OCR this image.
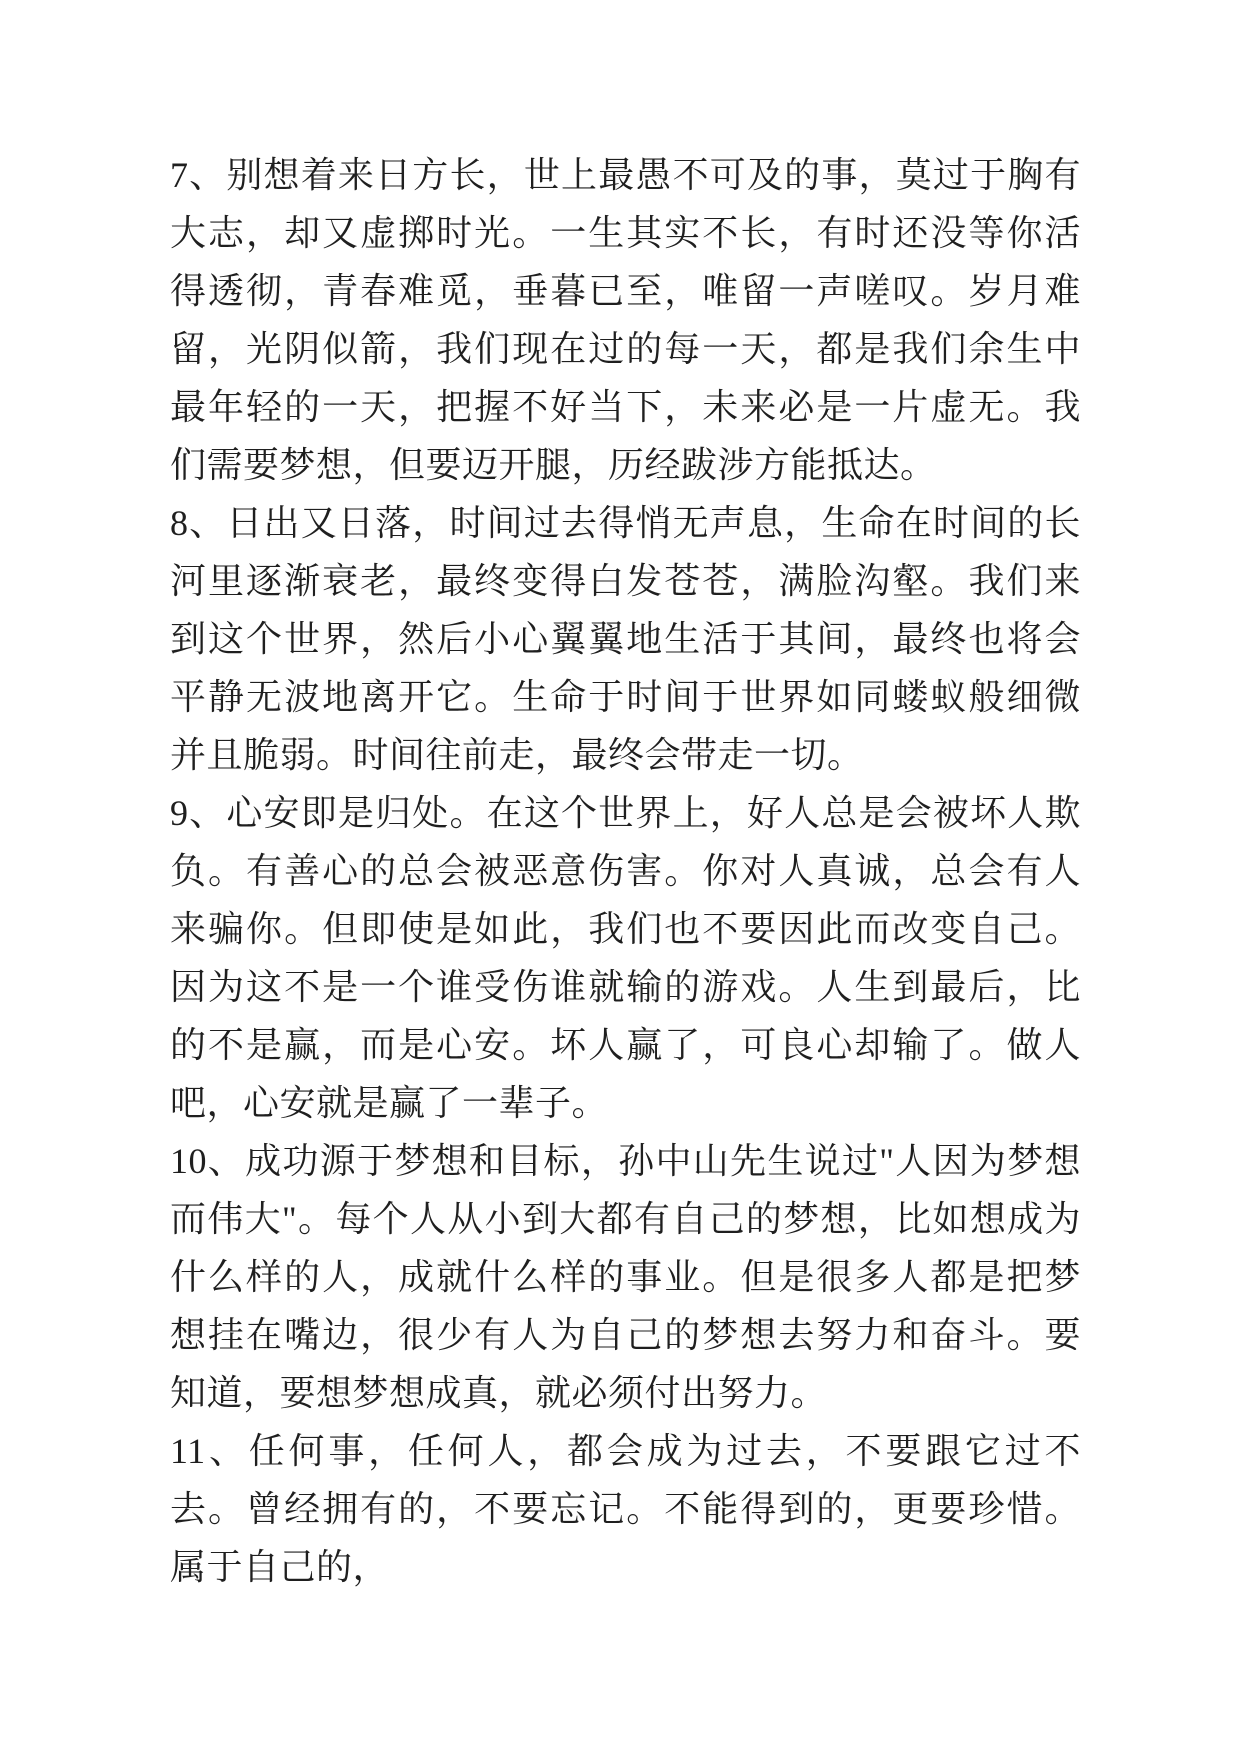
7、别想着来日方长，世上最愚不可及的事，莫过于胸有大志，却又虚掷时光。一生其实不长，有时还没等你活得透彻，青春难觅，垂暮已至，唯留一声嗟叹。岁月难留，光阴似箭，我们现在过的每一天，都是我们余生中最年轻的一天，把握不好当下，未来必是一片虚无。我们需要梦想，但要迈开腿，历经跋涉方能抵达。

8、日出又日落，时间过去得悄无声息，生命在时间的长河里逐渐衰老，最终变得白发苍苍，满脸沟壑。我们来到这个世界，然后小心翼翼地生活于其间，最终也将会平静无波地离开它。生命于时间于世界如同蝼蚁般细微并且脆弱。时间往前走，最终会带走一切。

9、心安即是归处。在这个世界上，好人总是会被坏人欺负。有善心的总会被恶意伤害。你对人真诚，总会有人来骗你。但即使是如此，我们也不要因此而改变自己。因为这不是一个谁受伤谁就输的游戏。人生到最后，比的不是赢，而是心安。坏人赢了，可良心却输了。做人吧，心安就是赢了一辈子。

10、成功源于梦想和目标，孙中山先生说过"人因为梦想而伟大"。每个人从小到大都有自己的梦想，比如想成为什么样的人，成就什么样的事业。但是很多人都是把梦想挂在嘴边，很少有人为自己的梦想去努力和奋斗。要知道，要想梦想成真，就必须付出努力。

11、任何事，任何人，都会成为过去，不要跟它过不去。曾经拥有的，不要忘记。不能得到的，更要珍惜。属于自己的，
